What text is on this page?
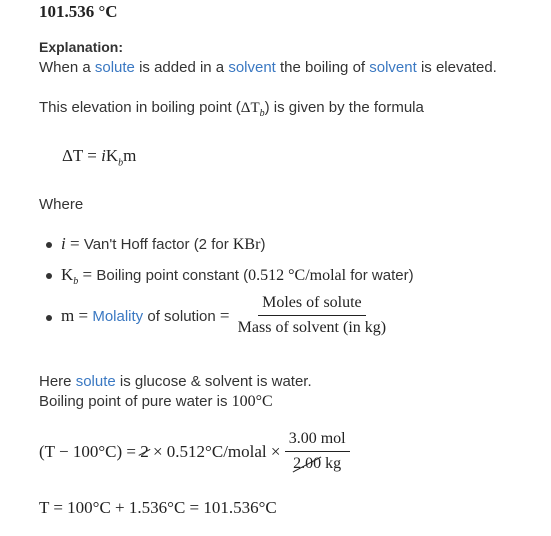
101.536 °C
Explanation:
When a solute is added in a solvent the boiling of solvent is elevated.
This elevation in boiling point $(\Delta T_b)$ is given by the formula
$\Delta T = iK_bm$
Where
i = Van't Hoff factor (2 for KBr)
$K_b$ = Boiling point constant (0.512 °C/molal for water)
m = Molality of solution = $\frac{\text{Moles of solute}}{\text{Mass of solvent (in kg)}}$
Here solute is glucose & solvent is water.
Boiling point of pure water is 100°C
(T − 100°C) = 2 × 0.512°C/molal × $\frac{\text{3.00 mol}}{2.00 kg}$
T = 100°C + 1.536°C = 101.536°C
